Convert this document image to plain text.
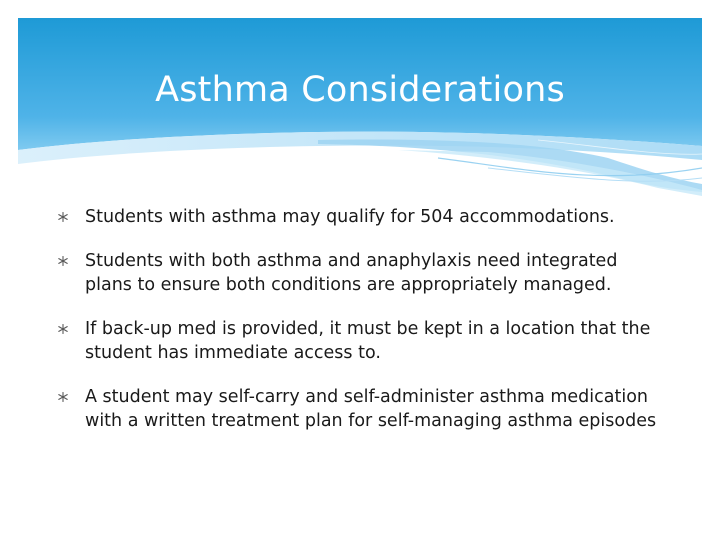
Asthma Considerations
Students with asthma may qualify for 504 accommodations.
Students with both asthma and anaphylaxis need integrated plans to ensure both conditions are appropriately managed.
If back-up med is provided, it must be kept in a location that the student has immediate access to.
A student may self-carry and self-administer asthma medication with a written treatment plan for self-managing asthma episodes
